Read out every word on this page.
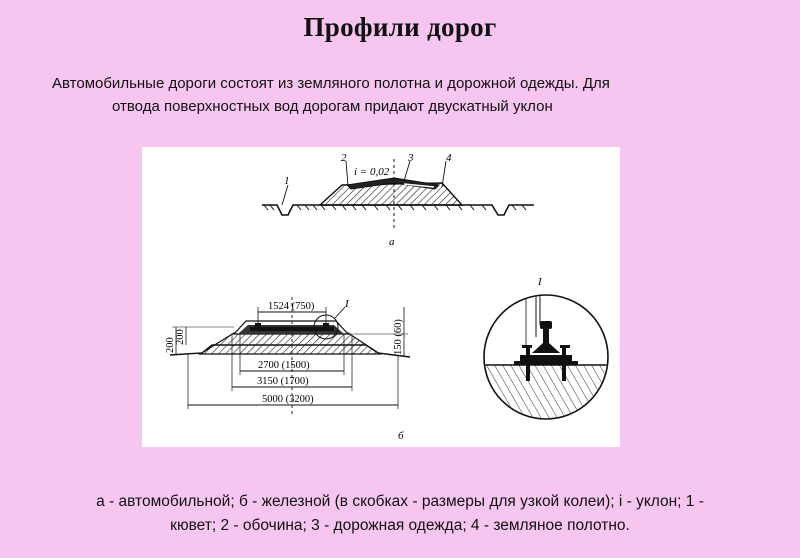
Профили дорог
Автомобильные дороги состоят из земляного полотна и дорожной одежды. Для
отвода поверхностных вод дорогам придают двускатный уклон
1
2	3	4
i = 0,02
а
I
1524 (750)
2700 (1500)
3150 (1700)
5000 (3200)
200
200	150 (60)
б
I
а - автомобильной; б - железной (в скобках - размеры для узкой колеи); i - уклон; 1 -
кювет; 2 - обочина; 3 - дорожная одежда; 4 - земляное полотно.
